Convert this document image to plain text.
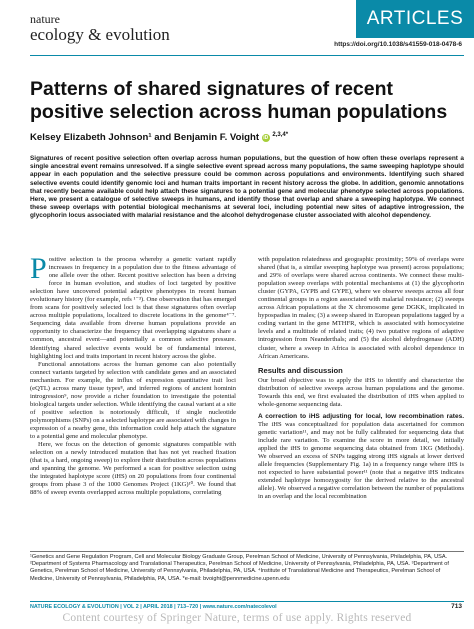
nature
ecology & evolution
ARTICLES
https://doi.org/10.1038/s41559-018-0478-6
Patterns of shared signatures of recent positive selection across human populations
Kelsey Elizabeth Johnson¹ and Benjamin F. Voight iD $^{2,3,4*}$

Signatures of recent positive selection often overlap across human populations, but the question of how often these overlaps represent a single ancestral event remains unresolved. If a single selective event spread across many populations, the same sweeping haplotype should appear in each population and the selective pressure could be common across populations and environments. Identifying such shared selective events could identify genomic loci and human traits important in recent history across the globe. In addition, genomic annotations that recently became available could help attach these signatures to a potential gene and molecular phenotype selected across populations. Here, we present a catalogue of selective sweeps in humans, and identify those that overlap and share a sweeping haplotype. We connect these sweep overlaps with potential biological mechanisms at several loci, including potential new sites of adaptive introgression, the glycophorin locus associated with malarial resistance and the alcohol dehydrogenase cluster associated with alcohol dependency.

Positive selection is the process whereby a genetic variant rapidly increases in frequency in a population due to the fitness advantage of one allele over the other. Recent positive selection has been a driving force in human evolution, and studies of loci targeted by positive selection have uncovered potential adaptive phenotypes in recent human evolutionary history (for example, refs ¹⁻³). One observation that has emerged from scans for positively selected loci is that these signatures often overlap across multiple populations, localized to discrete locations in the genome⁴⁻⁷. Sequencing data available from diverse human populations provide an opportunity to characterize the frequency that overlapping signatures share a common, ancestral event—and potentially a common selective pressure. Identifying shared selective events would be of fundamental interest, highlighting loci and traits important in recent history across the globe.

Functional annotations across the human genome can also potentially connect variants targeted by selection with candidate genes and an associated mechanism. For example, the influx of expression quantitative trait loci (eQTL) across many tissue types⁸, and inferred regions of ancient hominin introgression⁹, now provide a richer foundation to investigate the potential biological targets under selection. While identifying the causal variant at a site of positive selection is notoriously difficult, if single nucleotide polymorphisms (SNPs) on a selected haplotype are associated with changes in expression of a nearby gene, this information could help attach the signature to a potential gene and molecular phenotype.

Here, we focus on the detection of genomic signatures compatible with selection on a newly introduced mutation that has not yet reached fixation (that is, a hard, ongoing sweep) to explore their distribution across populations and spanning the genome. We performed a scan for positive selection using the integrated haplotype score (iHS) on 20 populations from four continental groups from phase 3 of the 1000 Genomes Project (1KG)¹⁰. We found that 88% of sweep events overlapped across multiple populations, correlating

with population relatedness and geographic proximity; 59% of overlaps were shared (that is, a similar sweeping haplotype was present) across populations; and 29% of overlaps were shared across continents. We connect these multi-population sweep overlaps with potential mechanisms at (1) the glycophorin cluster (GYPA, GYPB and GYPE), where we observe sweeps across all four continental groups in a region associated with malarial resistance; (2) sweeps across African populations at the X chromosome gene DGKK, implicated in hypospadias in males; (3) a sweep shared in European populations tagged by a coding variant in the gene MTHFR, which is associated with homocysteine levels and a multitude of related traits; (4) two putative regions of adaptive introgression from Neanderthals; and (5) the alcohol dehydrogenase (ADH) cluster, where a sweep in Africa is associated with alcohol dependence in African Americans.

Results and discussion

Our broad objective was to apply the iHS to identify and characterize the distribution of selective sweeps across human populations and the genome. Towards this end, we first evaluated the distribution of iHS when applied to whole-genome sequencing data.

A correction to iHS adjusting for local, low recombination rates. The iHS was conceptualized for population data ascertained for common genetic variation¹¹, and may not be fully calibrated for sequencing data that include rare variation. To examine the score in more detail, we initially applied the iHS to genome sequencing data obtained from 1KG (Methods). We observed an excess of SNPs tagging strong iHS signals at lower derived allele frequencies (Supplementary Fig. 1a) in a frequency range where iHS is not expected to have substantial power¹¹ (note that a negative iHS indicates extended haplotype homozygosity for the derived relative to the ancestral allele). We observed a negative correlation between the number of populations in an overlap and the local recombination

¹Genetics and Gene Regulation Program, Cell and Molecular Biology Graduate Group, Perelman School of Medicine, University of Pennsylvania, Philadelphia, PA, USA. ²Department of Systems Pharmacology and Translational Therapeutics, Perelman School of Medicine, University of Pennsylvania, Philadelphia, PA, USA. ³Department of Genetics, Perelman School of Medicine, University of Pennsylvania, Philadelphia, PA, USA. ⁴Institute of Translational Medicine and Therapeutics, Perelman School of Medicine, University of Pennsylvania, Philadelphia, PA, USA. *e-mail: bvoight@pennmedicine.upenn.edu

NATURE ECOLOGY & EVOLUTION | VOL 2 | APRIL 2018 | 713–720 | www.nature.com/natecolevol	713
Content courtesy of Springer Nature, terms of use apply. Rights reserved
